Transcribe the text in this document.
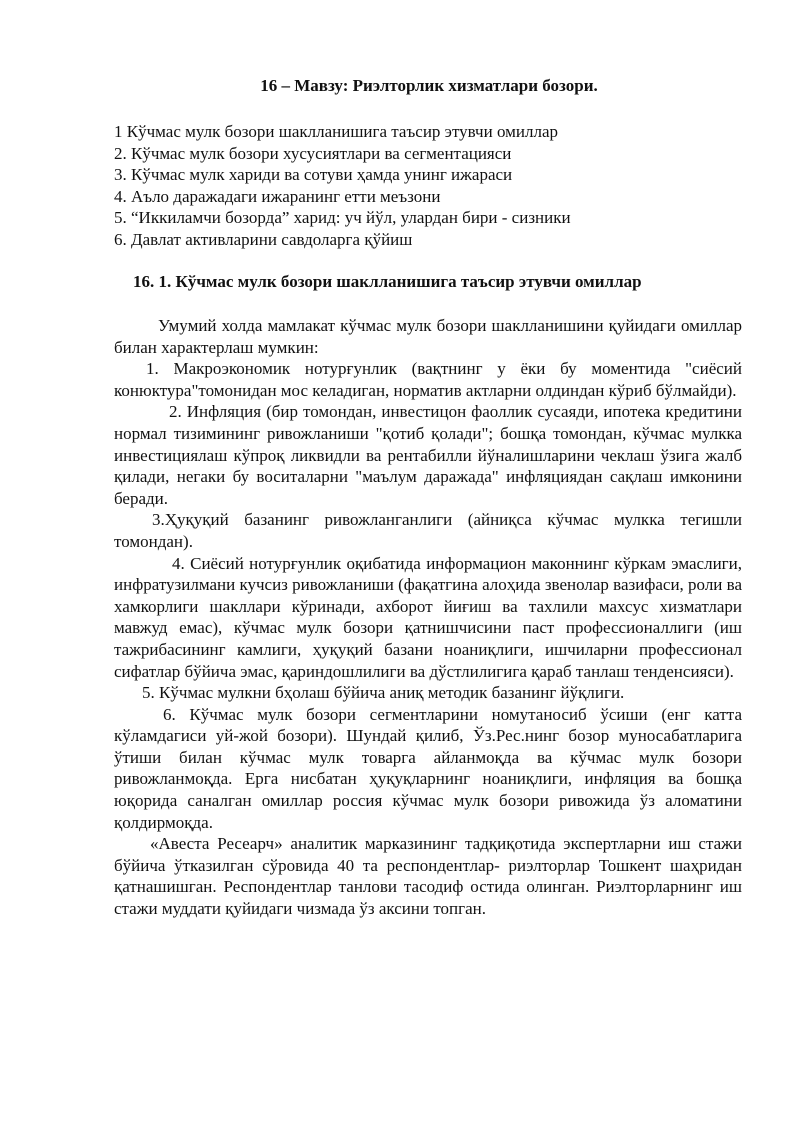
16 – Мавзу: Риэлторлик хизматлари бозори.
1 Кўчмас мулк бозори шаклланишига таъсир этувчи омиллар
2. Кўчмас мулк бозори хусусиятлари ва сегментацияси
3. Кўчмас мулк хариди ва сотуви ҳамда унинг ижараси
4. Аъло даражадаги ижаранинг етти меъзони
5. “Иккиламчи бозорда” харид: уч йўл, улардан бири - сизники
6. Давлат активларини савдоларга қўйиш
16. 1. Кўчмас мулк бозори шаклланишига таъсир этувчи омиллар

Умумий холда мамлакат кўчмас мулк бозори шаклланишини қуйидаги омиллар билан характерлаш мумкин:

1. Макроэкономик нотурғунлик (вақтнинг у ёки бу моментида "сиёсий конюктура"томонидан мос келадиган, норматив актларни олдиндан кўриб бўлмайди).

2. Инфляция (бир томондан, инвестицон фаоллик сусаяди, ипотека кредитини нормал тизимининг ривожланиши "қотиб қолади"; бошқа томондан, кўчмас мулкка инвестициялаш кўпроқ ликвидли ва рентабилли йўналишларини чеклаш ўзига жалб қилади, негаки бу воситаларни "маълум даражада" инфляциядан сақлаш имконини беради.

3.Ҳуқуқий базанинг ривожланганлиги (айниқса кўчмас мулкка тегишли томондан).

4. Сиёсий нотурғунлик оқибатида информацион маконнинг кўркам эмаслиги, инфратузилмани кучсиз ривожланиши (фақатгина алоҳида звенолар вазифаси, роли ва хамкорлиги шакллари кўринади, ахборот йиғиш ва тахлили махсус хизматлари мавжуд емас), кўчмас мулк бозори қатнишчисини паст профессионаллиги (иш тажрибасининг камлиги, ҳуқуқий базани ноаниқлиги, ишчиларни профессионал сифатлар бўйича эмас, қариндошлилиги ва дўстлилигига қараб танлаш тенденсияси).

5. Кўчмас мулкни бҳолаш бўйича аниқ методик базанинг йўқлиги.

6. Кўчмас мулк бозори сегментларини номутаносиб ўсиши (енг катта кўламдагиси уй-жой бозори). Шундай қилиб, Ўз.Рес.нинг бозор муносабатларига ўтиши билан кўчмас мулк товарга айланмоқда ва кўчмас мулк бозори ривожланмоқда. Ерга нисбатан ҳуқуқларнинг ноаниқлиги, инфляция ва бошқа юқорида саналган омиллар россия кўчмас мулк бозори ривожида ўз аломатини қолдирмоқда.

«Авеста Ресеарч» аналитик марказининг тадқиқотида экспертларни иш стажи бўйича ўтказилган сўровида 40 та респондентлар- риэлторлар Тошкент шаҳридан қатнашишган. Респондентлар танлови тасодиф остида олинган. Риэлторларнинг иш стажи муддати қуйидаги чизмада ўз аксини топган.
